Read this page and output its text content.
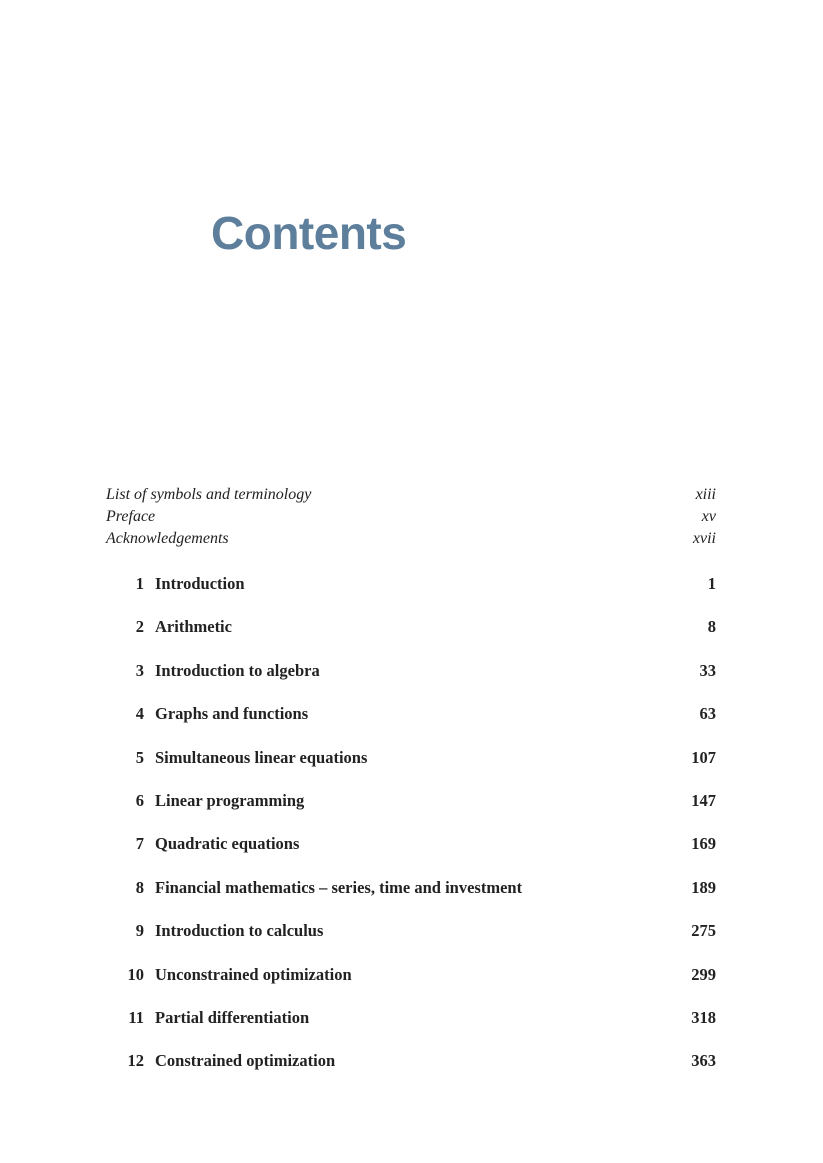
Contents
List of symbols and terminology	xiii
Preface	xv
Acknowledgements	xvii
1 Introduction	1
2 Arithmetic	8
3 Introduction to algebra	33
4 Graphs and functions	63
5 Simultaneous linear equations	107
6 Linear programming	147
7 Quadratic equations	169
8 Financial mathematics – series, time and investment	189
9 Introduction to calculus	275
10 Unconstrained optimization	299
11 Partial differentiation	318
12 Constrained optimization	363
